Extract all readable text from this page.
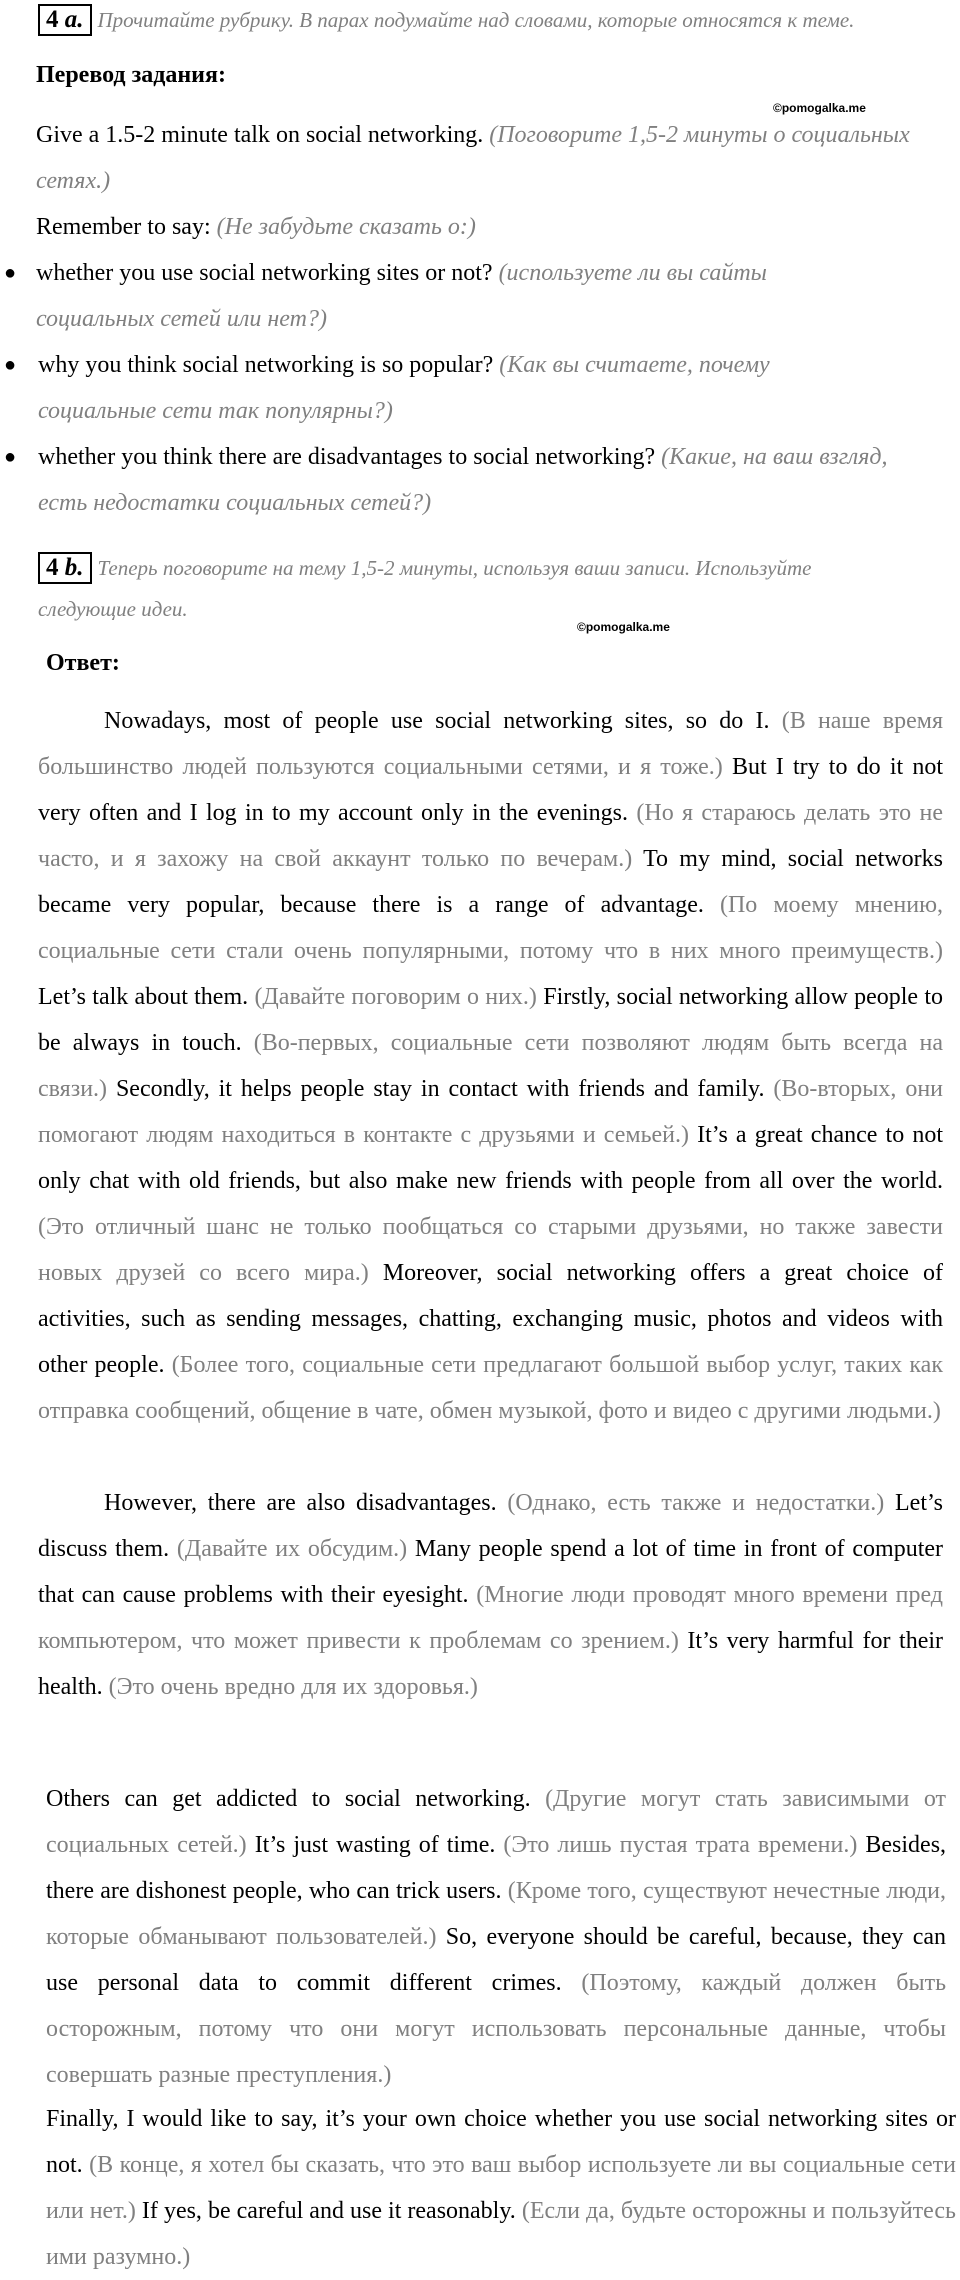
4 a. Прочитайте рубрику. В парах подумайте над словами, которые относятся к теме.
Перевод задания:
©pomogalka.me
Give a 1.5-2 minute talk on social networking. (Поговорите 1,5-2 минуты о социальных сетях.)
Remember to say: (Не забудьте сказать о:)
● whether you use social networking sites or not? (используете ли вы сайты социальных сетей или нет?)
● why you think social networking is so popular? (Как вы считаете, почему социальные сети так популярны?)
● whether you think there are disadvantages to social networking? (Какие, на ваш взгляд, есть недостатки социальных сетей?)
4 b. Теперь поговорите на тему 1,5-2 минуты, используя ваши записи. Используйте
следующие идеи.
©pomogalka.me
Ответ:
Nowadays, most of people use social networking sites, so do I. (В наше время большинство людей пользуются социальными сетями, и я тоже.) But I try to do it not very often and I log in to my account only in the evenings. (Но я стараюсь делать это не часто, и я захожу на свой аккаунт только по вечерам.) To my mind, social networks became very popular, because there is a range of advantage. (По моему мнению, социальные сети стали очень популярными, потому что в них много преимуществ.) Let’s talk about them. (Давайте поговорим о них.) Firstly, social networking allow people to be always in touch. (Во-первых, социальные сети позволяют людям быть всегда на связи.) Secondly, it helps people stay in contact with friends and family. (Во-вторых, они помогают людям находиться в контакте с друзьями и семьей.) It’s a great chance to not only chat with old friends, but also make new friends with people from all over the world. (Это отличный шанс не только пообщаться со старыми друзьями, но также завести новых друзей со всего мира.) Moreover, social networking offers a great choice of activities, such as sending messages, chatting, exchanging music, photos and videos with other people. (Более того, социальные сети предлагают большой выбор услуг, таких как отправка сообщений, общение в чате, обмен музыкой, фото и видео с другими людьми.)
However, there are also disadvantages. (Однако, есть также и недостатки.) Let’s discuss them. (Давайте их обсудим.) Many people spend a lot of time in front of computer that can cause problems with their eyesight. (Многие люди проводят много времени пред компьютером, что может привести к проблемам со зрением.) It’s very harmful for their health. (Это очень вредно для их здоровья.)
Others can get addicted to social networking. (Другие могут стать зависимыми от социальных сетей.) It’s just wasting of time. (Это лишь пустая трата времени.) Besides, there are dishonest people, who can trick users. (Кроме того, существуют нечестные люди, которые обманывают пользователей.) So, everyone should be careful, because, they can use personal data to commit different crimes. (Поэтому, каждый должен быть осторожным, потому что они могут использовать персональные данные, чтобы совершать разные преступления.)
Finally, I would like to say, it’s your own choice whether you use social networking sites or not. (В конце, я хотел бы сказать, что это ваш выбор используете ли вы социальные сети или нет.) If yes, be careful and use it reasonably. (Если да, будьте осторожны и пользуйтесь ими разумно.)
